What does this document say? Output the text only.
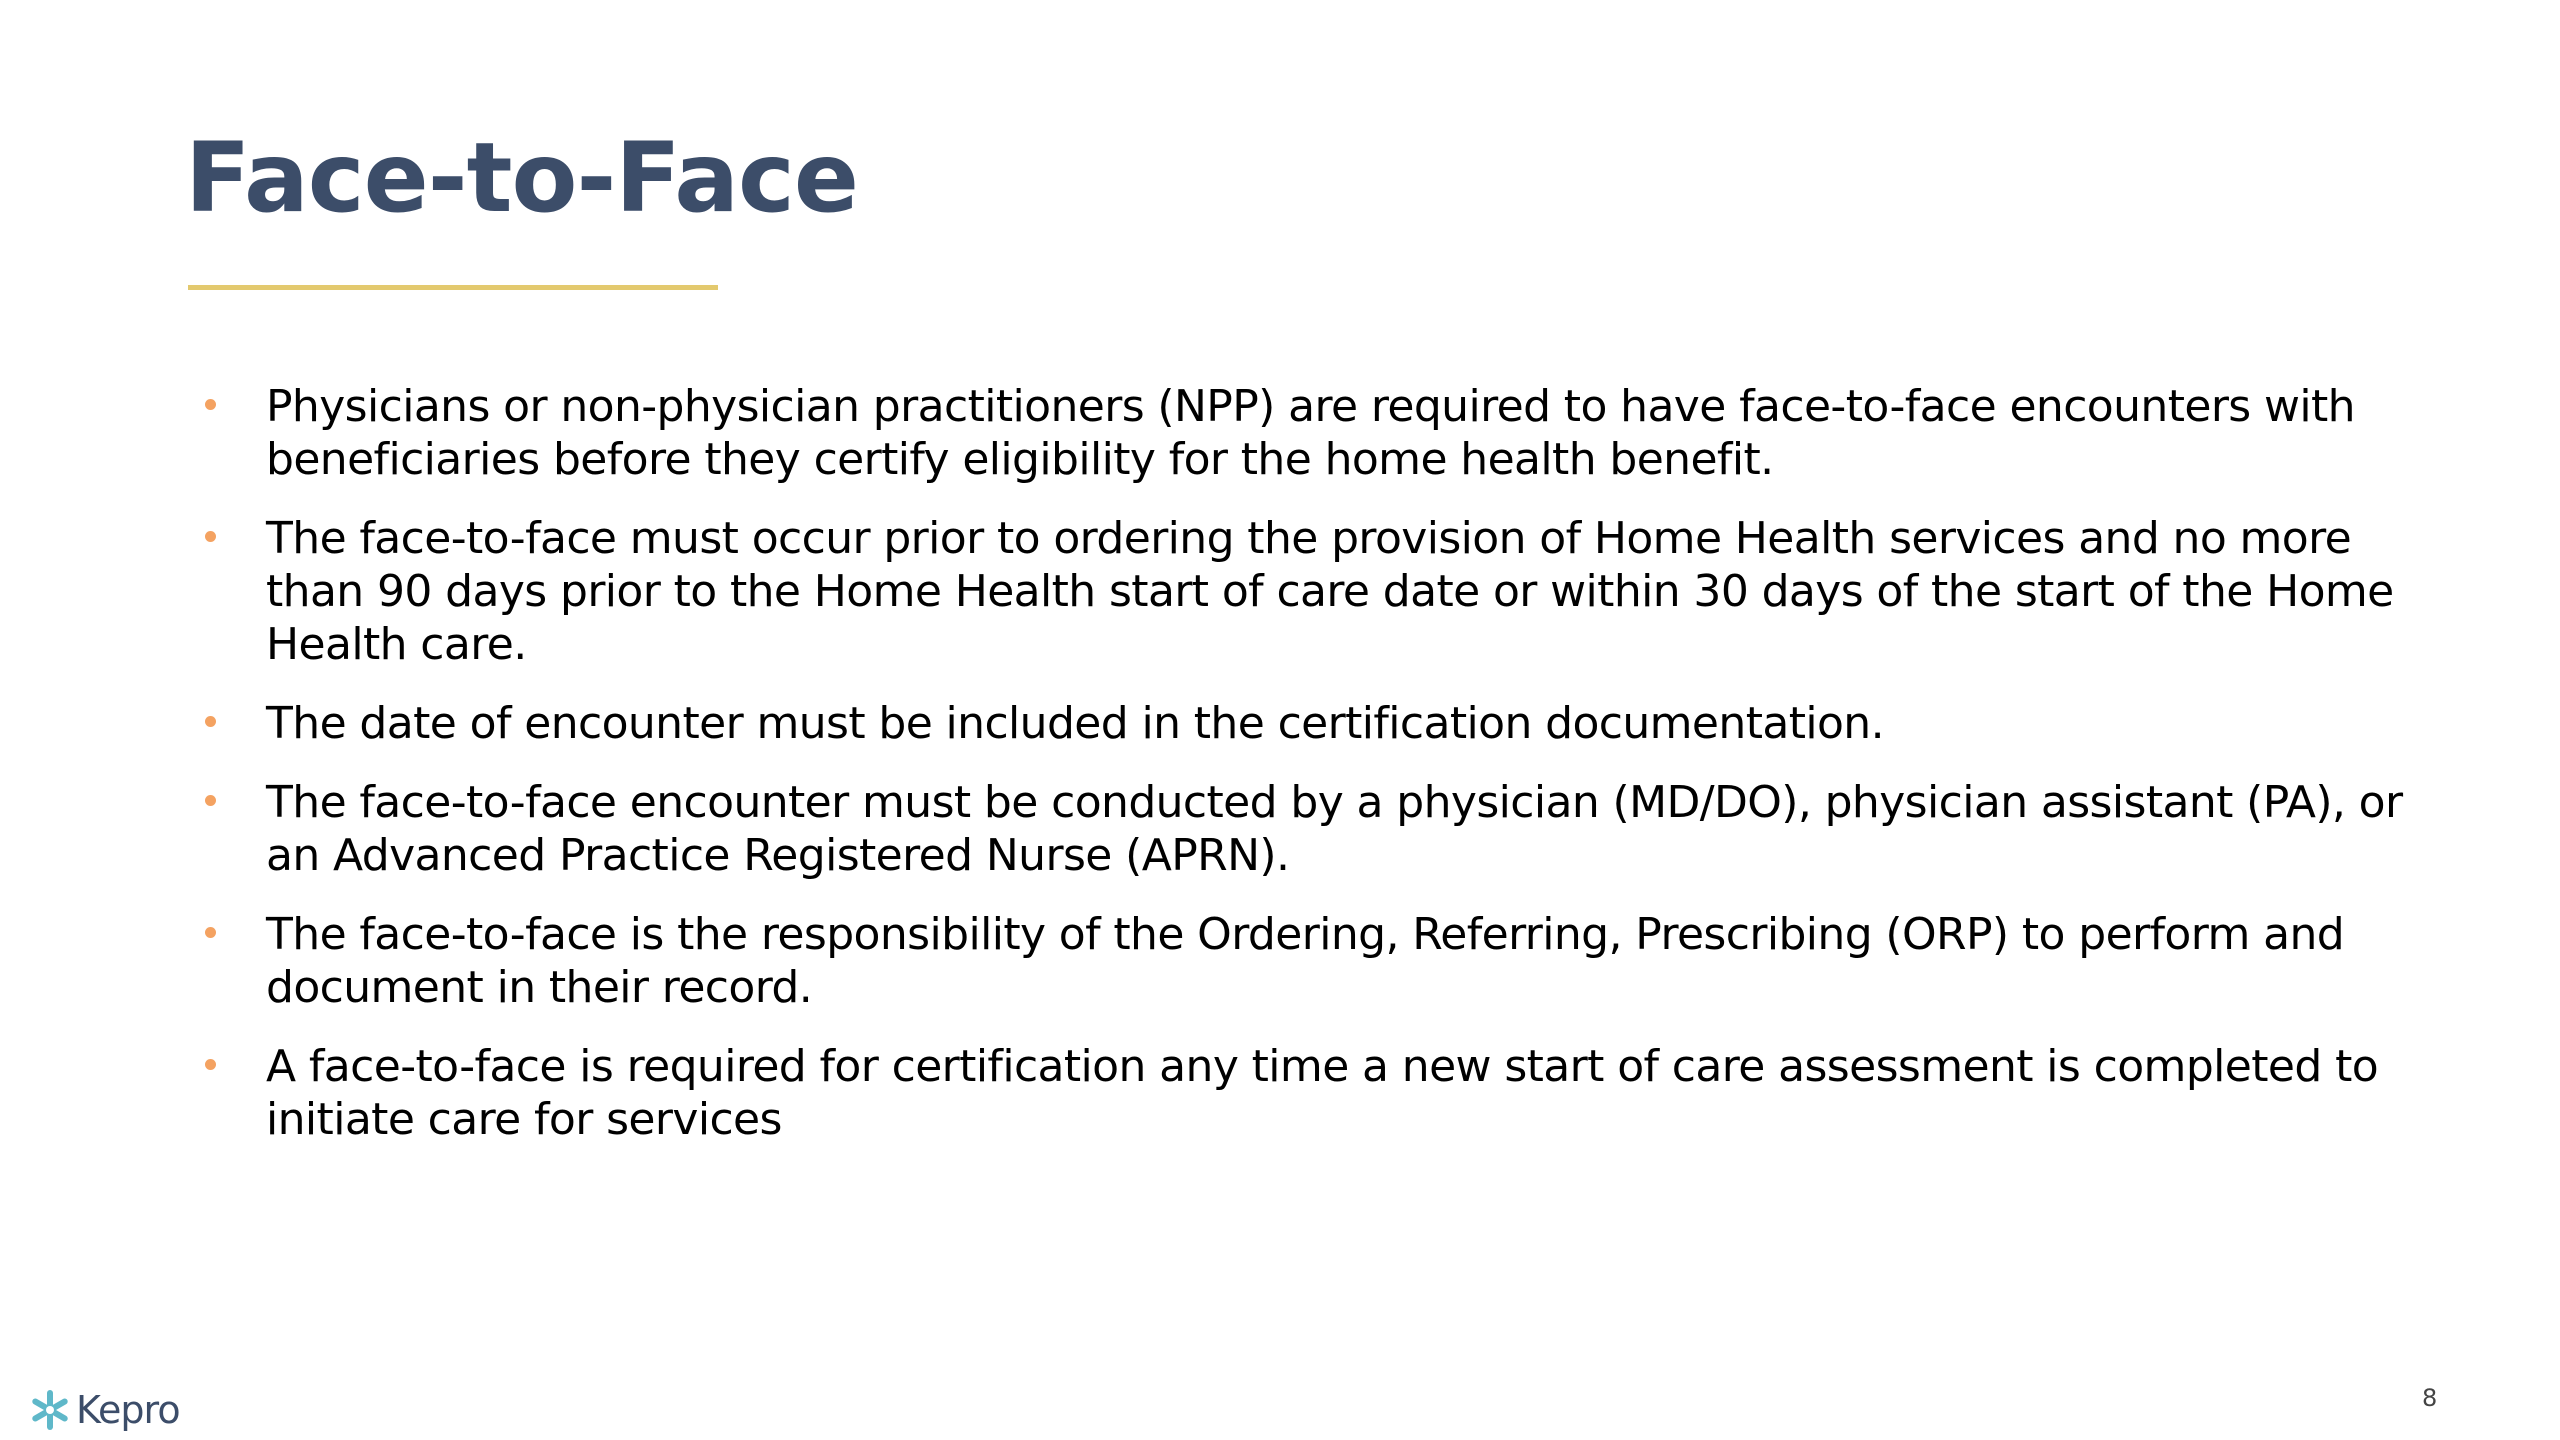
Face-to-Face
Physicians or non-physician practitioners (NPP) are required to have face-to-face encounters with beneficiaries before they certify eligibility for the home health benefit.
The face-to-face must occur prior to ordering the provision of Home Health services and no more than 90 days prior to the Home Health start of care date or within 30 days of the start of the Home Health care.
The date of encounter must be included in the certification documentation.
The face-to-face encounter must be conducted by a physician (MD/DO), physician assistant (PA), or an Advanced Practice Registered Nurse (APRN).
The face-to-face is the responsibility of the Ordering, Referring, Prescribing (ORP) to perform and document in their record.
A face-to-face is required for certification any time a new start of care assessment is completed to initiate care for services
Kepro	8
